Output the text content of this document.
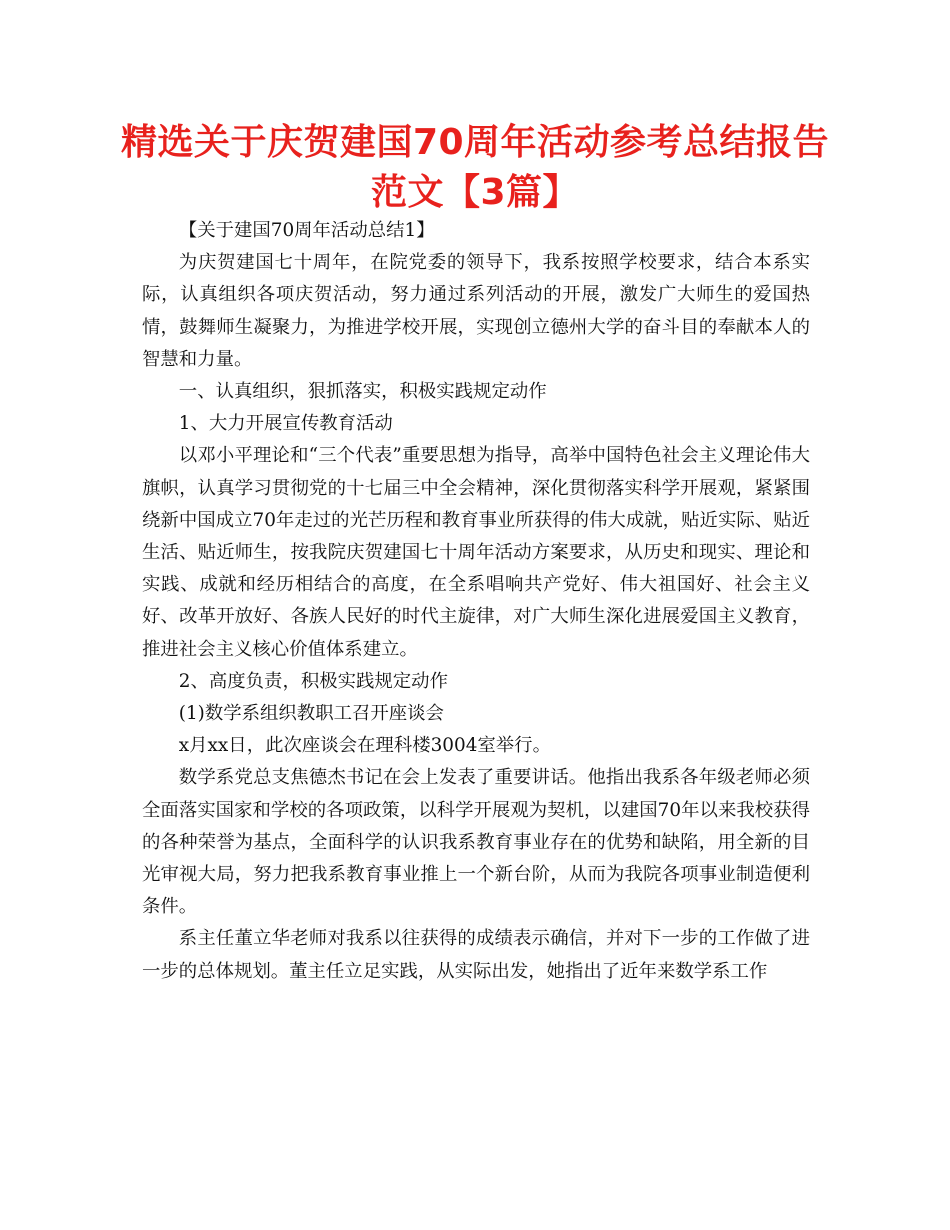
精选关于庆贺建国70周年活动参考总结报告范文【3篇】

【关于建国70周年活动总结1】

为庆贺建国七十周年，在院党委的领导下，我系按照学校要求，结合本系实际，认真组织各项庆贺活动，努力通过系列活动的开展，激发广大师生的爱国热情，鼓舞师生凝聚力，为推进学校开展，实现创立德州大学的奋斗目的奉献本人的智慧和力量。

一、认真组织，狠抓落实，积极实践规定动作

1、大力开展宣传教育活动

以邓小平理论和“三个代表”重要思想为指导，高举中国特色社会主义理论伟大旗帜，认真学习贯彻党的十七届三中全会精神，深化贯彻落实科学开展观，紧紧围绕新中国成立70年走过的光芒历程和教育事业所获得的伟大成就，贴近实际、贴近生活、贴近师生，按我院庆贺建国七十周年活动方案要求，从历史和现实、理论和实践、成就和经历相结合的高度，在全系唱响共产党好、伟大祖国好、社会主义好、改革开放好、各族人民好的时代主旋律，对广大师生深化进展爱国主义教育，推进社会主义核心价值体系建立。

2、高度负责，积极实践规定动作

(1)数学系组织教职工召开座谈会

x月xx日，此次座谈会在理科楼3004室举行。

数学系党总支焦德杰书记在会上发表了重要讲话。他指出我系各年级老师必须全面落实国家和学校的各项政策，以科学开展观为契机，以建国70年以来我校获得的各种荣誉为基点，全面科学的认识我系教育事业存在的优势和缺陷，用全新的目光审视大局，努力把我系教育事业推上一个新台阶，从而为我院各项事业制造便利条件。

系主任董立华老师对我系以往获得的成绩表示确信，并对下一步的工作做了进一步的总体规划。董主任立足实践，从实际出发，她指出了近年来数学系工作
